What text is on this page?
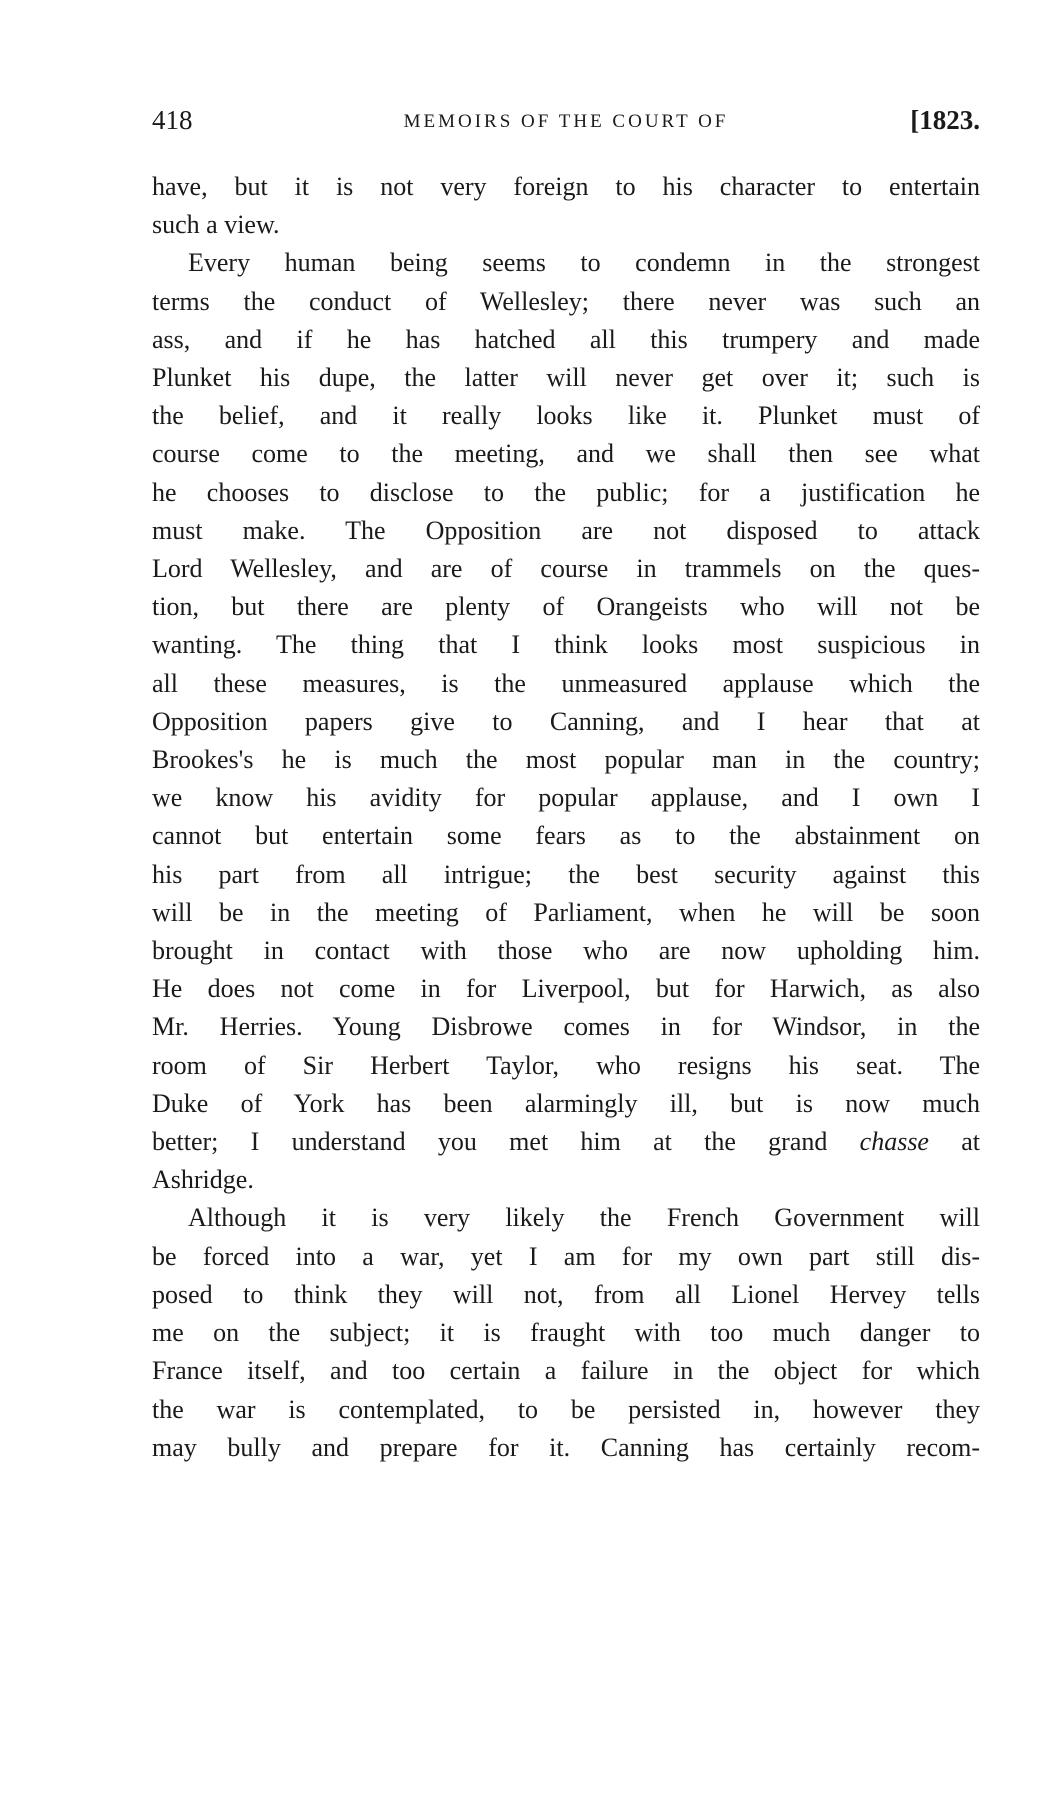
418	MEMOIRS OF THE COURT OF	[1823.
have, but it is not very foreign to his character to entertain
such a view.
Every human being seems to condemn in the strongest
terms the conduct of Wellesley; there never was such an
ass, and if he has hatched all this trumpery and made
Plunket his dupe, the latter will never get over it; such is
the belief, and it really looks like it. Plunket must of
course come to the meeting, and we shall then see what
he chooses to disclose to the public; for a justification he
must make. The Opposition are not disposed to attack
Lord Wellesley, and are of course in trammels on the ques-
tion, but there are plenty of Orangeists who will not be
wanting. The thing that I think looks most suspicious in
all these measures, is the unmeasured applause which the
Opposition papers give to Canning, and I hear that at
Brookes's he is much the most popular man in the country;
we know his avidity for popular applause, and I own I
cannot but entertain some fears as to the abstainment on
his part from all intrigue; the best security against this
will be in the meeting of Parliament, when he will be soon
brought in contact with those who are now upholding him.
He does not come in for Liverpool, but for Harwich, as also
Mr. Herries. Young Disbrowe comes in for Windsor, in the
room of Sir Herbert Taylor, who resigns his seat. The
Duke of York has been alarmingly ill, but is now much
better; I understand you met him at the grand chasse at
Ashridge.
Although it is very likely the French Government will
be forced into a war, yet I am for my own part still dis-
posed to think they will not, from all Lionel Hervey tells
me on the subject; it is fraught with too much danger to
France itself, and too certain a failure in the object for which
the war is contemplated, to be persisted in, however they
may bully and prepare for it. Canning has certainly recom-
